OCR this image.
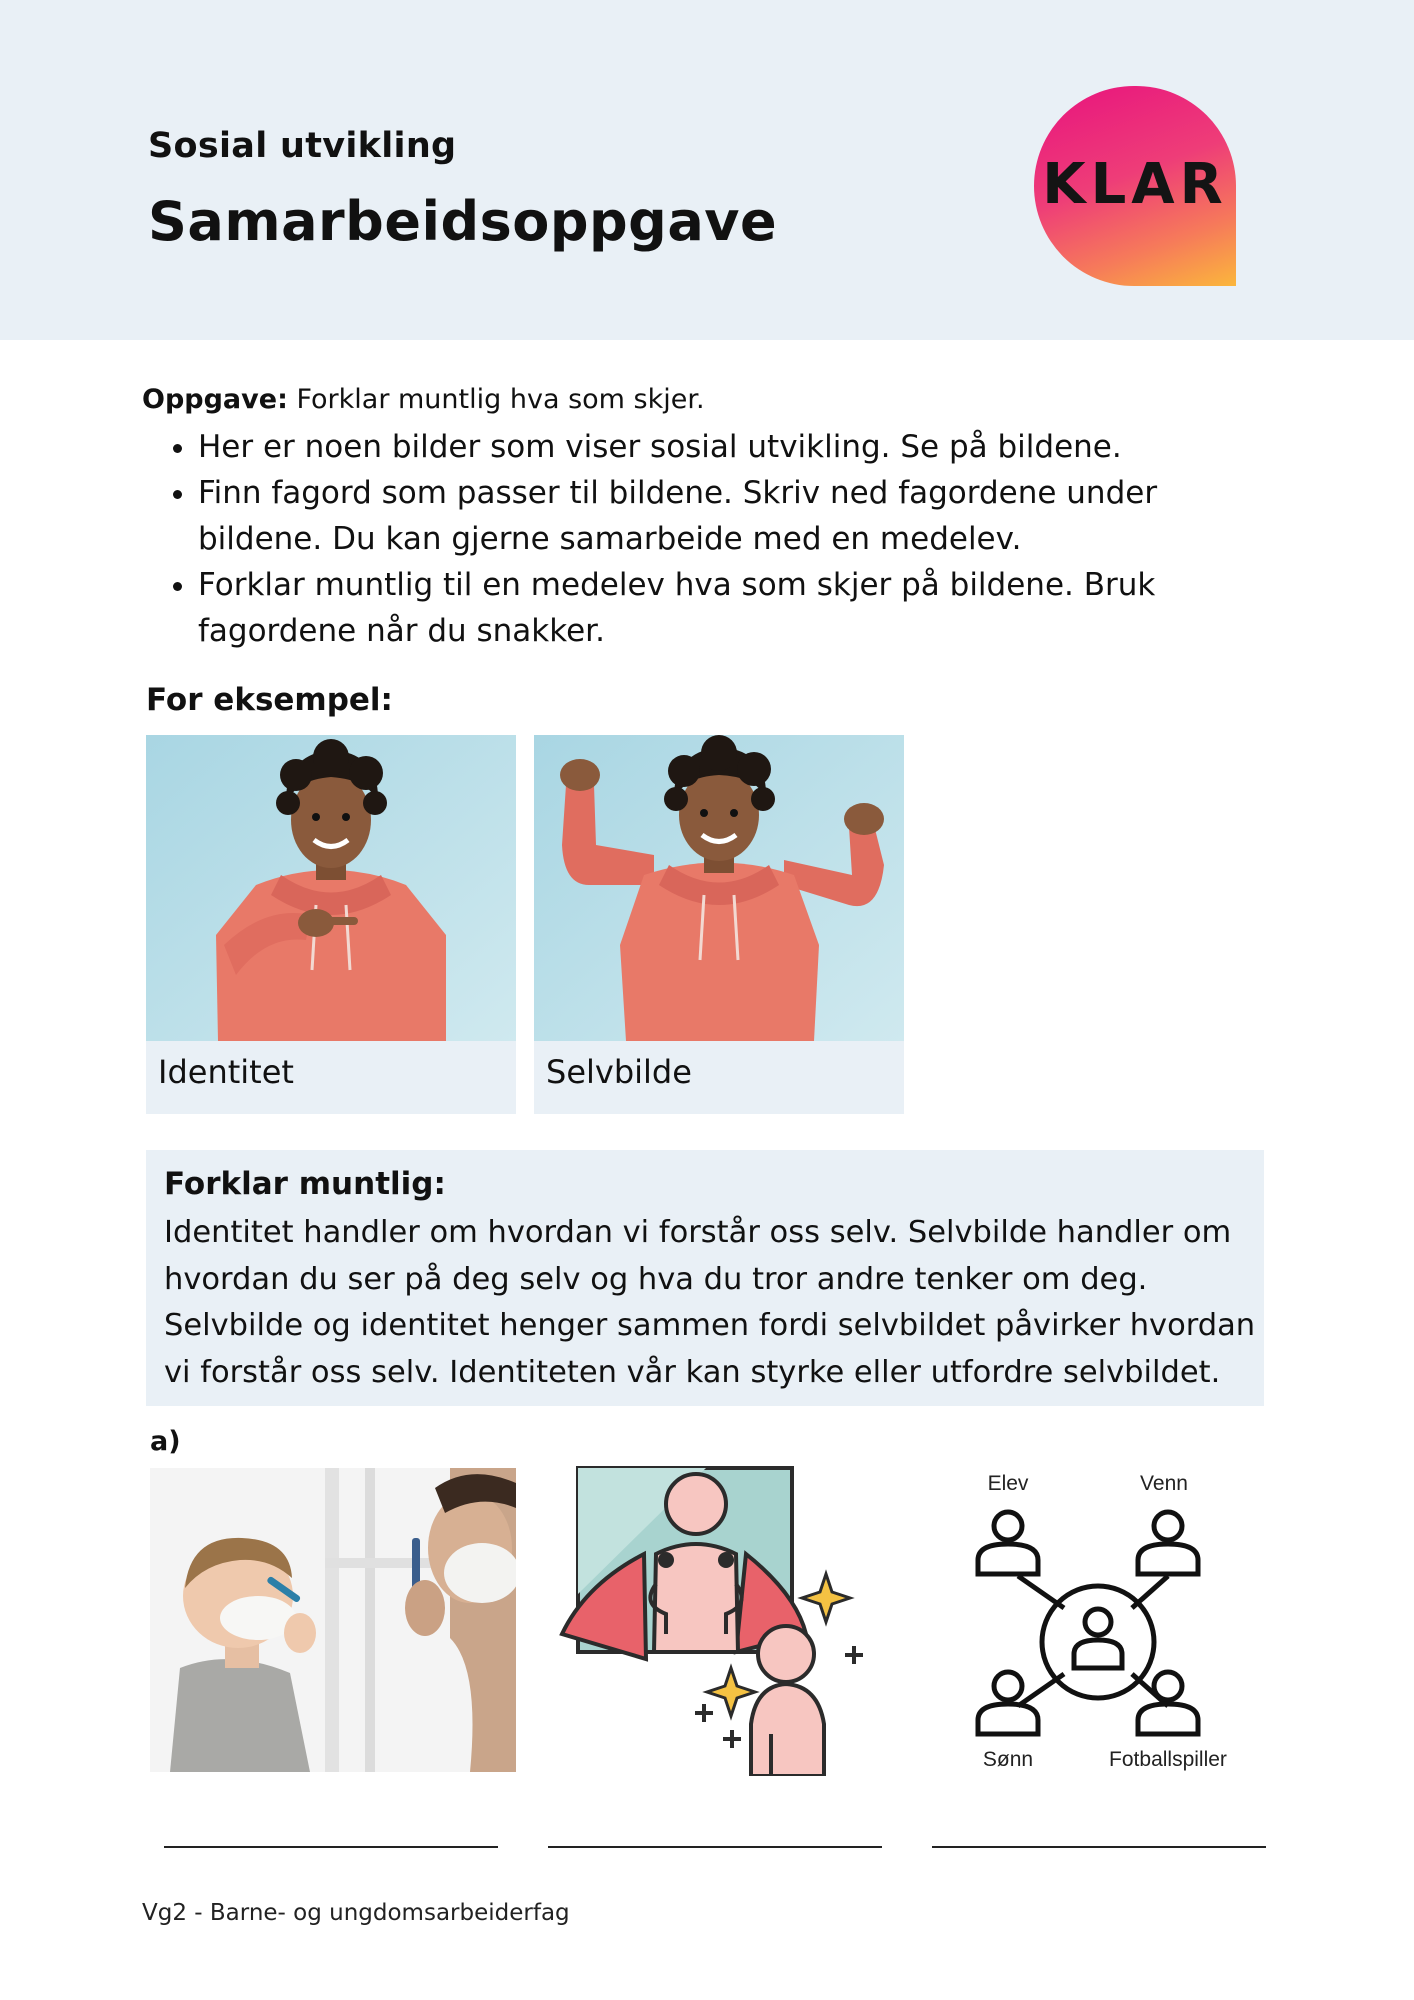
Sosial utvikling
Samarbeidsoppgave
KLAR
Oppgave: Forklar muntlig hva som skjer.
• Her er noen bilder som viser sosial utvikling. Se på bildene.
• Finn fagord som passer til bildene. Skriv ned fagordene under bildene. Du kan gjerne samarbeide med en medelev.
• Forklar muntlig til en medelev hva som skjer på bildene. Bruk fagordene når du snakker.
For eksempel:
Identitet	Selvbilde
Forklar muntlig:
Identitet handler om hvordan vi forstår oss selv. Selvbilde handler om hvordan du ser på deg selv og hva du tror andre tenker om deg. Selvbilde og identitet henger sammen fordi selvbildet påvirker hvordan vi forstår oss selv. Identiteten vår kan styrke eller utfordre selvbildet.
a)
Elev	Venn
Sønn	Fotballspiller
Vg2 - Barne- og ungdomsarbeiderfag
